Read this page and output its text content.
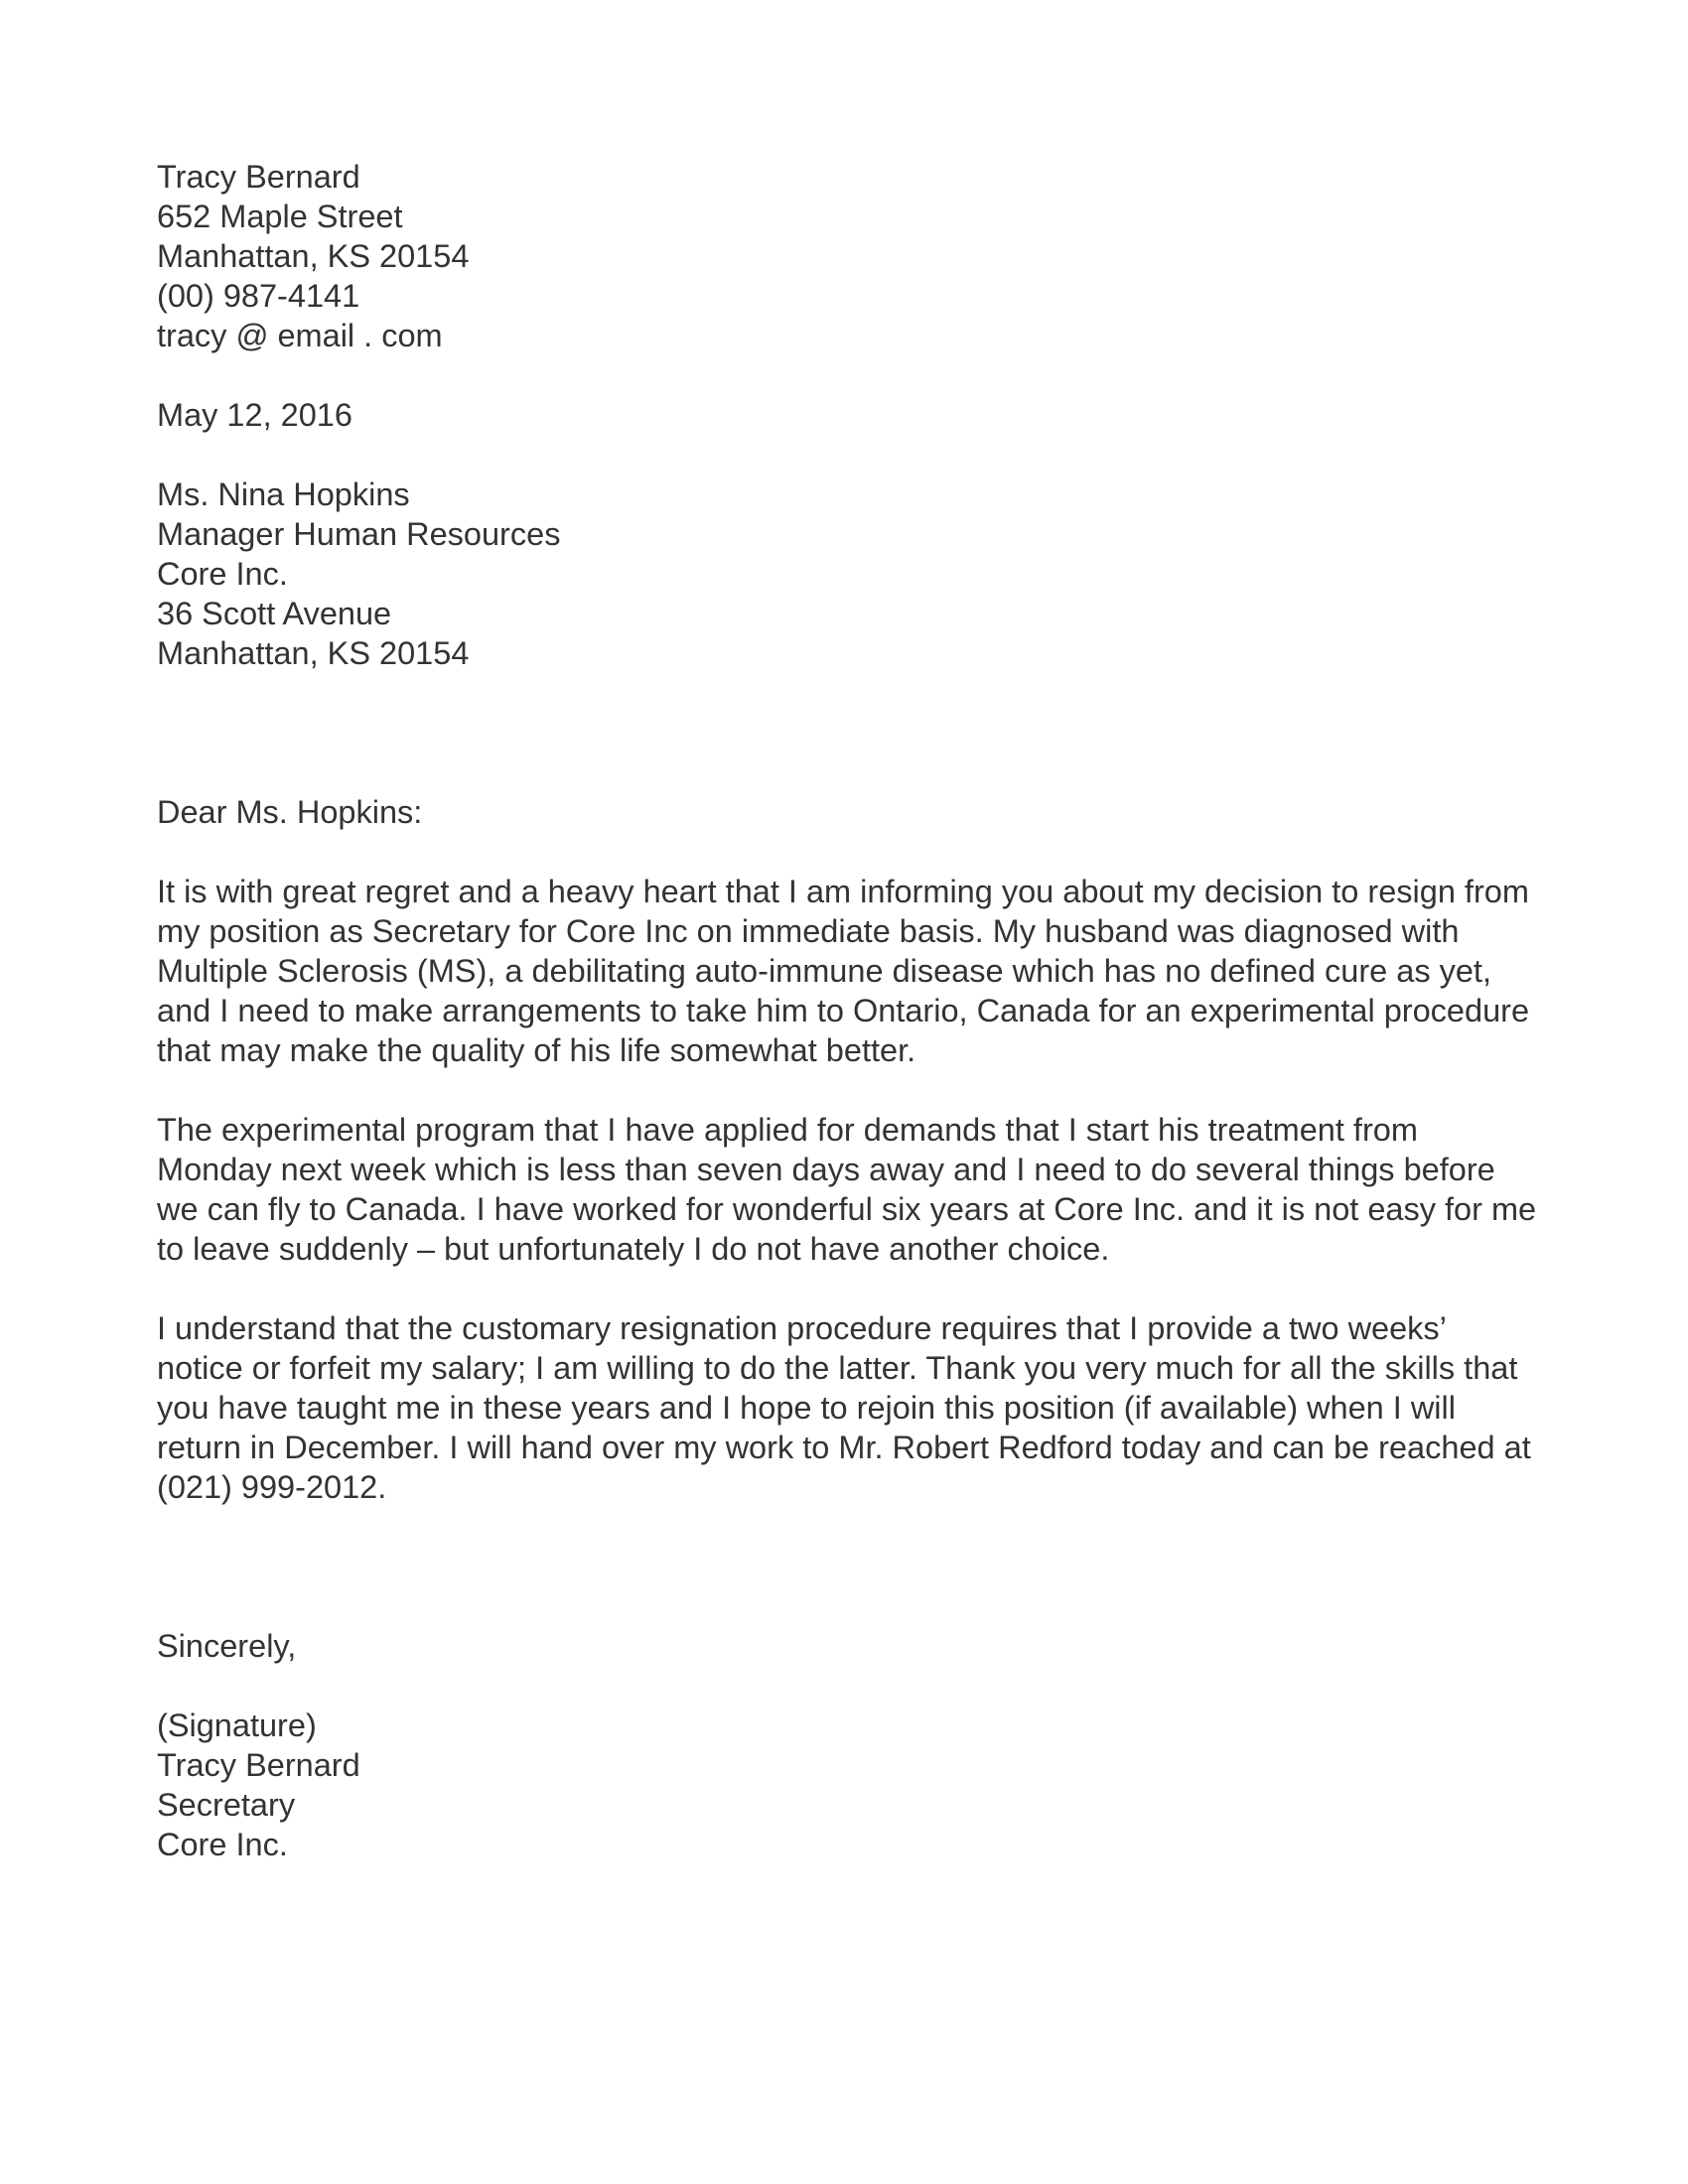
Tracy Bernard
652 Maple Street
Manhattan, KS 20154
(00) 987-4141
tracy @ email . com
May 12, 2016
Ms. Nina Hopkins
Manager Human Resources
Core Inc.
36 Scott Avenue
Manhattan, KS 20154
Dear Ms. Hopkins:
It is with great regret and a heavy heart that I am informing you about my decision to resign from
my position as Secretary for Core Inc on immediate basis. My husband was diagnosed with
Multiple Sclerosis (MS), a debilitating auto-immune disease which has no defined cure as yet,
and I need to make arrangements to take him to Ontario, Canada for an experimental procedure
that may make the quality of his life somewhat better.
The experimental program that I have applied for demands that I start his treatment from
Monday next week which is less than seven days away and I need to do several things before
we can fly to Canada. I have worked for wonderful six years at Core Inc. and it is not easy for me
to leave suddenly – but unfortunately I do not have another choice.
I understand that the customary resignation procedure requires that I provide a two weeks’
notice or forfeit my salary; I am willing to do the latter. Thank you very much for all the skills that
you have taught me in these years and I hope to rejoin this position (if available) when I will
return in December. I will hand over my work to Mr. Robert Redford today and can be reached at
(021) 999-2012.
Sincerely,
(Signature)
Tracy Bernard
Secretary
Core Inc.
